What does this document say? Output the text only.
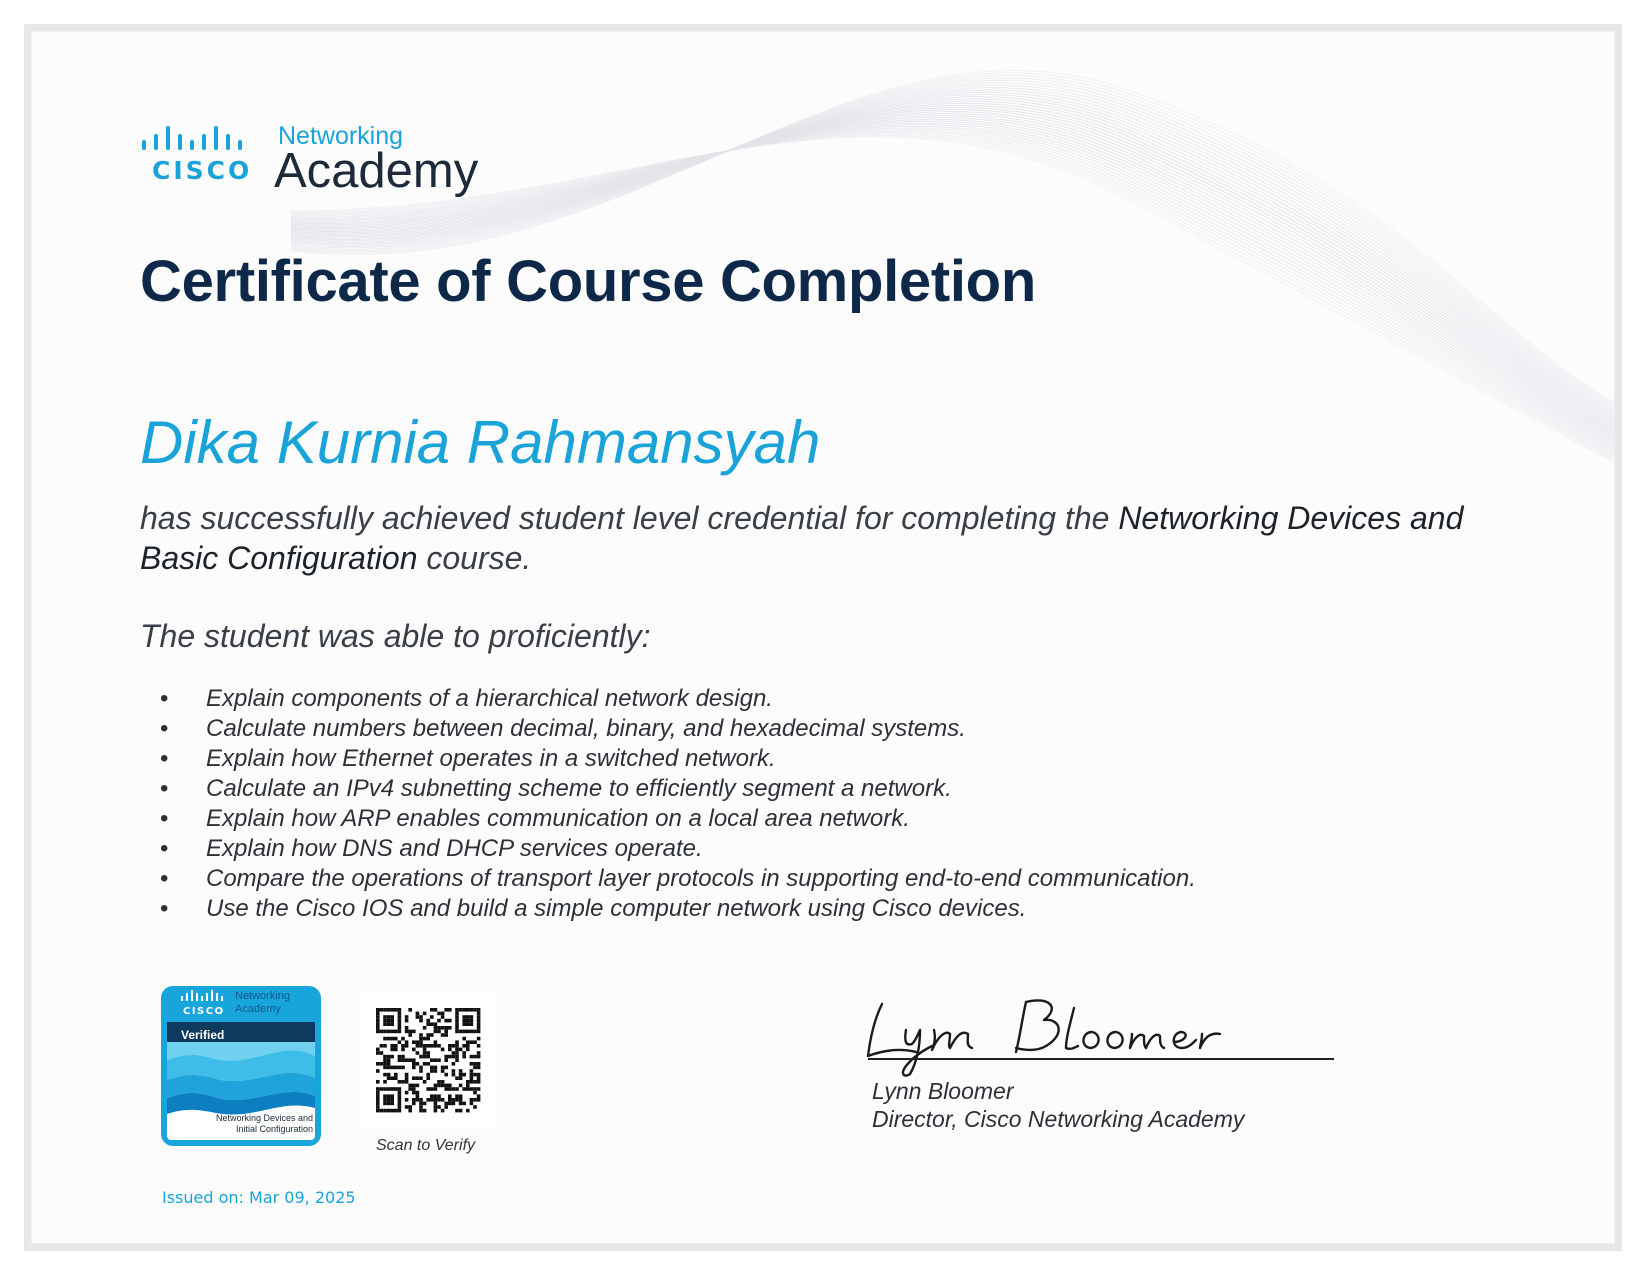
CISCO
Networking
Academy
Certificate of Course Completion
Dika Kurnia Rahmansyah
has successfully achieved student level credential for completing the Networking Devices and Basic Configuration course.
The student was able to proficiently:
• Explain components of a hierarchical network design.
• Calculate numbers between decimal, binary, and hexadecimal systems.
• Explain how Ethernet operates in a switched network.
• Calculate an IPv4 subnetting scheme to efficiently segment a network.
• Explain how ARP enables communication on a local area network.
• Explain how DNS and DHCP services operate.
• Compare the operations of transport layer protocols in supporting end-to-end communication.
• Use the Cisco IOS and build a simple computer network using Cisco devices.
Networking Academy
CISCO
Verified
Networking Devices and
Initial Configuration
Scan to Verify
Issued on: Mar 09, 2025
Lynn Bloomer
Director, Cisco Networking Academy
